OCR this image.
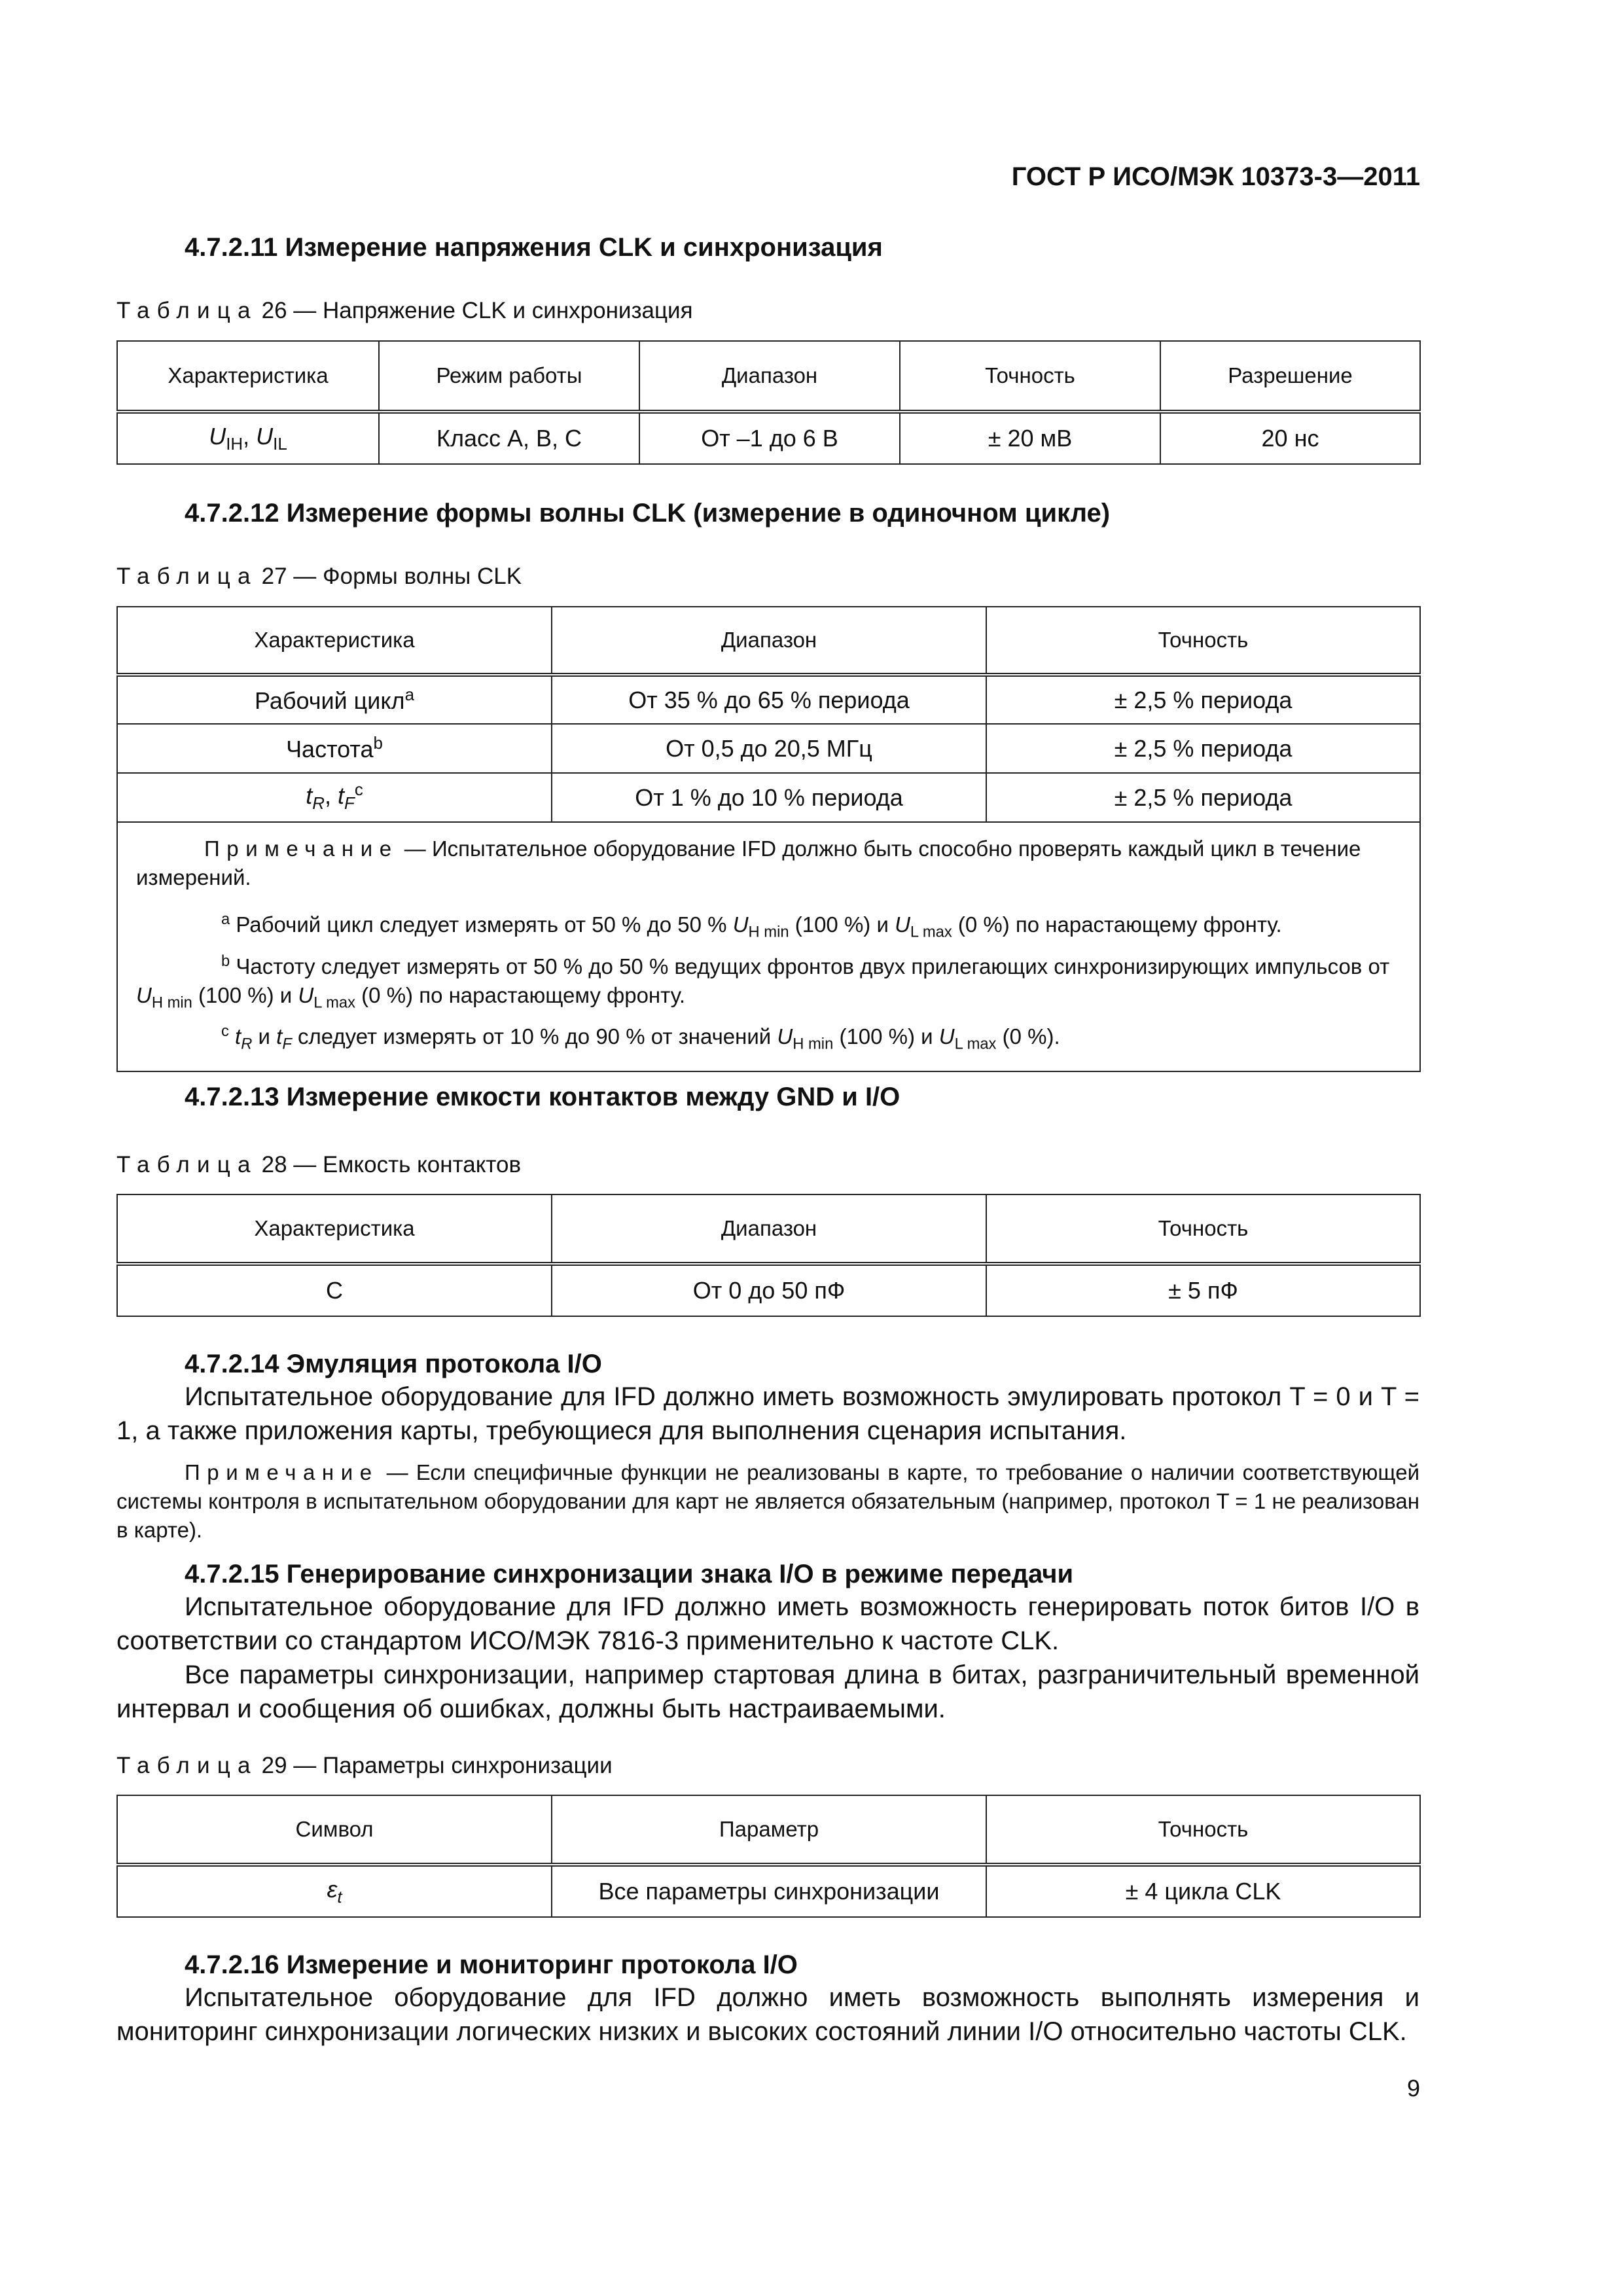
ГОСТ Р ИСО/МЭК 10373-3—2011
4.7.2.11 Измерение напряжения CLK и синхронизация
Таблица 26 — Напряжение CLK и синхронизация
Характеристика	Режим работы	Диапазон	Точность	Разрешение
$U_{IH}$, $U_{IL}$	Класс А, В, С	От –1 до 6 В	± 20 мВ	20 нс
4.7.2.12 Измерение формы волны CLK (измерение в одиночном цикле)
Таблица 27 — Формы волны CLK
Характеристика	Диапазон	Точность
Рабочий цикл$^a$	От 35 % до 65 % периода	± 2,5 % периода
Частота$^b$	От 0,5 до 20,5 МГц	± 2,5 % периода
$t_R$, $t_F^c$	От 1 % до 10 % периода	± 2,5 % периода

Примечание — Испытательное оборудование IFD должно быть способно проверять каждый цикл в течение измерений.

$^a$ Рабочий цикл следует измерять от 50 % до 50 % $U_{H min}$ (100 %) и $U_{L max}$ (0 %) по нарастающему фронту.

$^b$ Частоту следует измерять от 50 % до 50 % ведущих фронтов двух прилегающих синхронизирующих импульсов от $U_{H min}$ (100 %) и $U_{L max}$ (0 %) по нарастающему фронту.

$^c$ $t_R$ и $t_F$ следует измерять от 10 % до 90 % от значений $U_{H min}$ (100 %) и $U_{L max}$ (0 %).		

4.7.2.13 Измерение емкости контактов между GND и I/O
Таблица 28 — Емкость контактов
Характеристика	Диапазон	Точность
C	От 0 до 50 пФ	± 5 пФ
4.7.2.14 Эмуляция протокола I/O

Испытательное оборудование для IFD должно иметь возможность эмулировать протокол T = 0 и T = 1, а также приложения карты, требующиеся для выполнения сценария испытания.

Примечание — Если специфичные функции не реализованы в карте, то требование о наличии соответствующей системы контроля в испытательном оборудовании для карт не является обязательным (например, протокол T = 1 не реализован в карте).

4.7.2.15 Генерирование синхронизации знака I/O в режиме передачи

Испытательное оборудование для IFD должно иметь возможность генерировать поток битов I/O в соответствии со стандартом ИСО/МЭК 7816-3 применительно к частоте CLK.

Все параметры синхронизации, например стартовая длина в битах, разграничительный временной интервал и сообщения об ошибках, должны быть настраиваемыми.

Таблица 29 — Параметры синхронизации
Символ	Параметр	Точность
$\varepsilon_t$	Все параметры синхронизации	± 4 цикла CLK
4.7.2.16 Измерение и мониторинг протокола I/O

Испытательное оборудование для IFD должно иметь возможность выполнять измерения и мониторинг синхронизации логических низких и высоких состояний линии I/O относительно частоты CLK.

9
